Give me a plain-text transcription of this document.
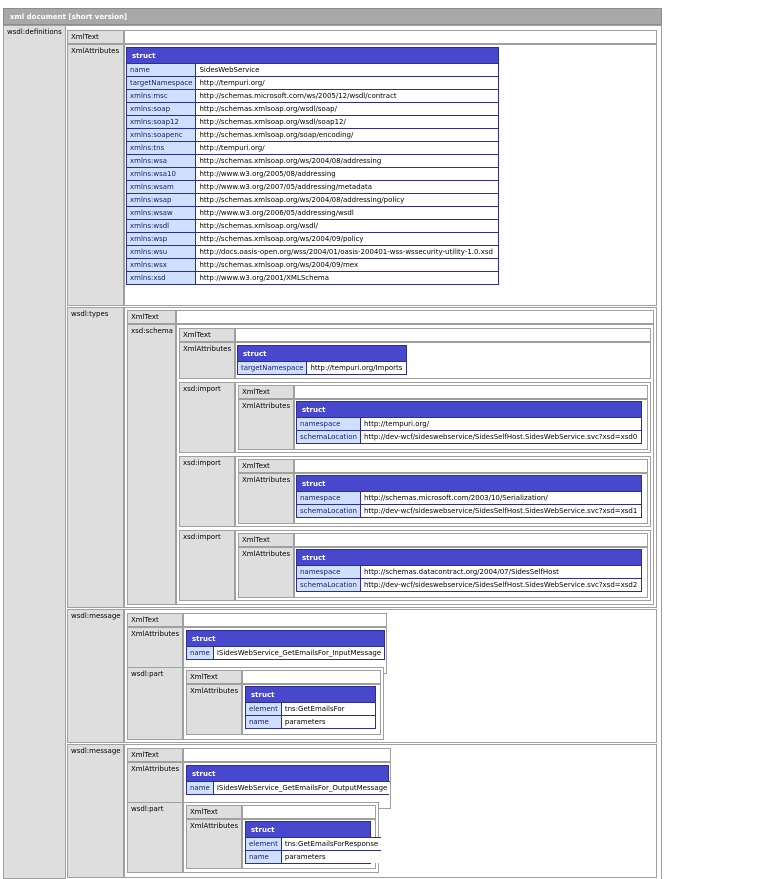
xml document [short version]
wsdl:definitions
XmlText
XmlAttributes
struct
name	SidesWebService
targetNamespace	http://tempuri.org/
xmlns:msc	http://schemas.microsoft.com/ws/2005/12/wsdl/contract
xmlns:soap	http://schemas.xmlsoap.org/wsdl/soap/
xmlns:soap12	http://schemas.xmlsoap.org/wsdl/soap12/
xmlns:soapenc	http://schemas.xmlsoap.org/soap/encoding/
xmlns:tns	http://tempuri.org/
xmlns:wsa	http://schemas.xmlsoap.org/ws/2004/08/addressing
xmlns:wsa10	http://www.w3.org/2005/08/addressing
xmlns:wsam	http://www.w3.org/2007/05/addressing/metadata
xmlns:wsap	http://schemas.xmlsoap.org/ws/2004/08/addressing/policy
xmlns:wsaw	http://www.w3.org/2006/05/addressing/wsdl
xmlns:wsdl	http://schemas.xmlsoap.org/wsdl/
xmlns:wsp	http://schemas.xmlsoap.org/ws/2004/09/policy
xmlns:wsu	http://docs.oasis-open.org/wss/2004/01/oasis-200401-wss-wssecurity-utility-1.0.xsd
xmlns:wsx	http://schemas.xmlsoap.org/ws/2004/09/mex
xmlns:xsd	http://www.w3.org/2001/XMLSchema
wsdl:types	XmlText
xsd:schema	XmlText
XmlAttributes
struct
targetNamespace	http://tempuri.org/Imports
xsd:import	XmlText
XmlAttributes	struct
namespace	http://tempuri.org/
schemaLocation	http://dev-wcf/sideswebservice/SidesSelfHost.SidesWebService.svc?xsd=xsd0
xsd:import	XmlText
XmlAttributes	struct
namespace	http://schemas.microsoft.com/2003/10/Serialization/
schemaLocation	http://dev-wcf/sideswebservice/SidesSelfHost.SidesWebService.svc?xsd=xsd1
xsd:import	XmlText
XmlAttributes	struct
namespace	http://schemas.datacontract.org/2004/07/SidesSelfHost
schemaLocation	http://dev-wcf/sideswebservice/SidesSelfHost.SidesWebService.svc?xsd=xsd2
wsdl:message	XmlText
XmlAttributes
struct
name	ISidesWebService_GetEmailsFor_InputMessage
wsdl:part	XmlText
XmlAttributes	struct
element	tns:GetEmailsFor
name	parameters
wsdl:message	XmlText
XmlAttributes
struct
name	ISidesWebService_GetEmailsFor_OutputMessage
wsdl:part	XmlText
XmlAttributes	struct
element	tns:GetEmailsForResponse
name	parameters
